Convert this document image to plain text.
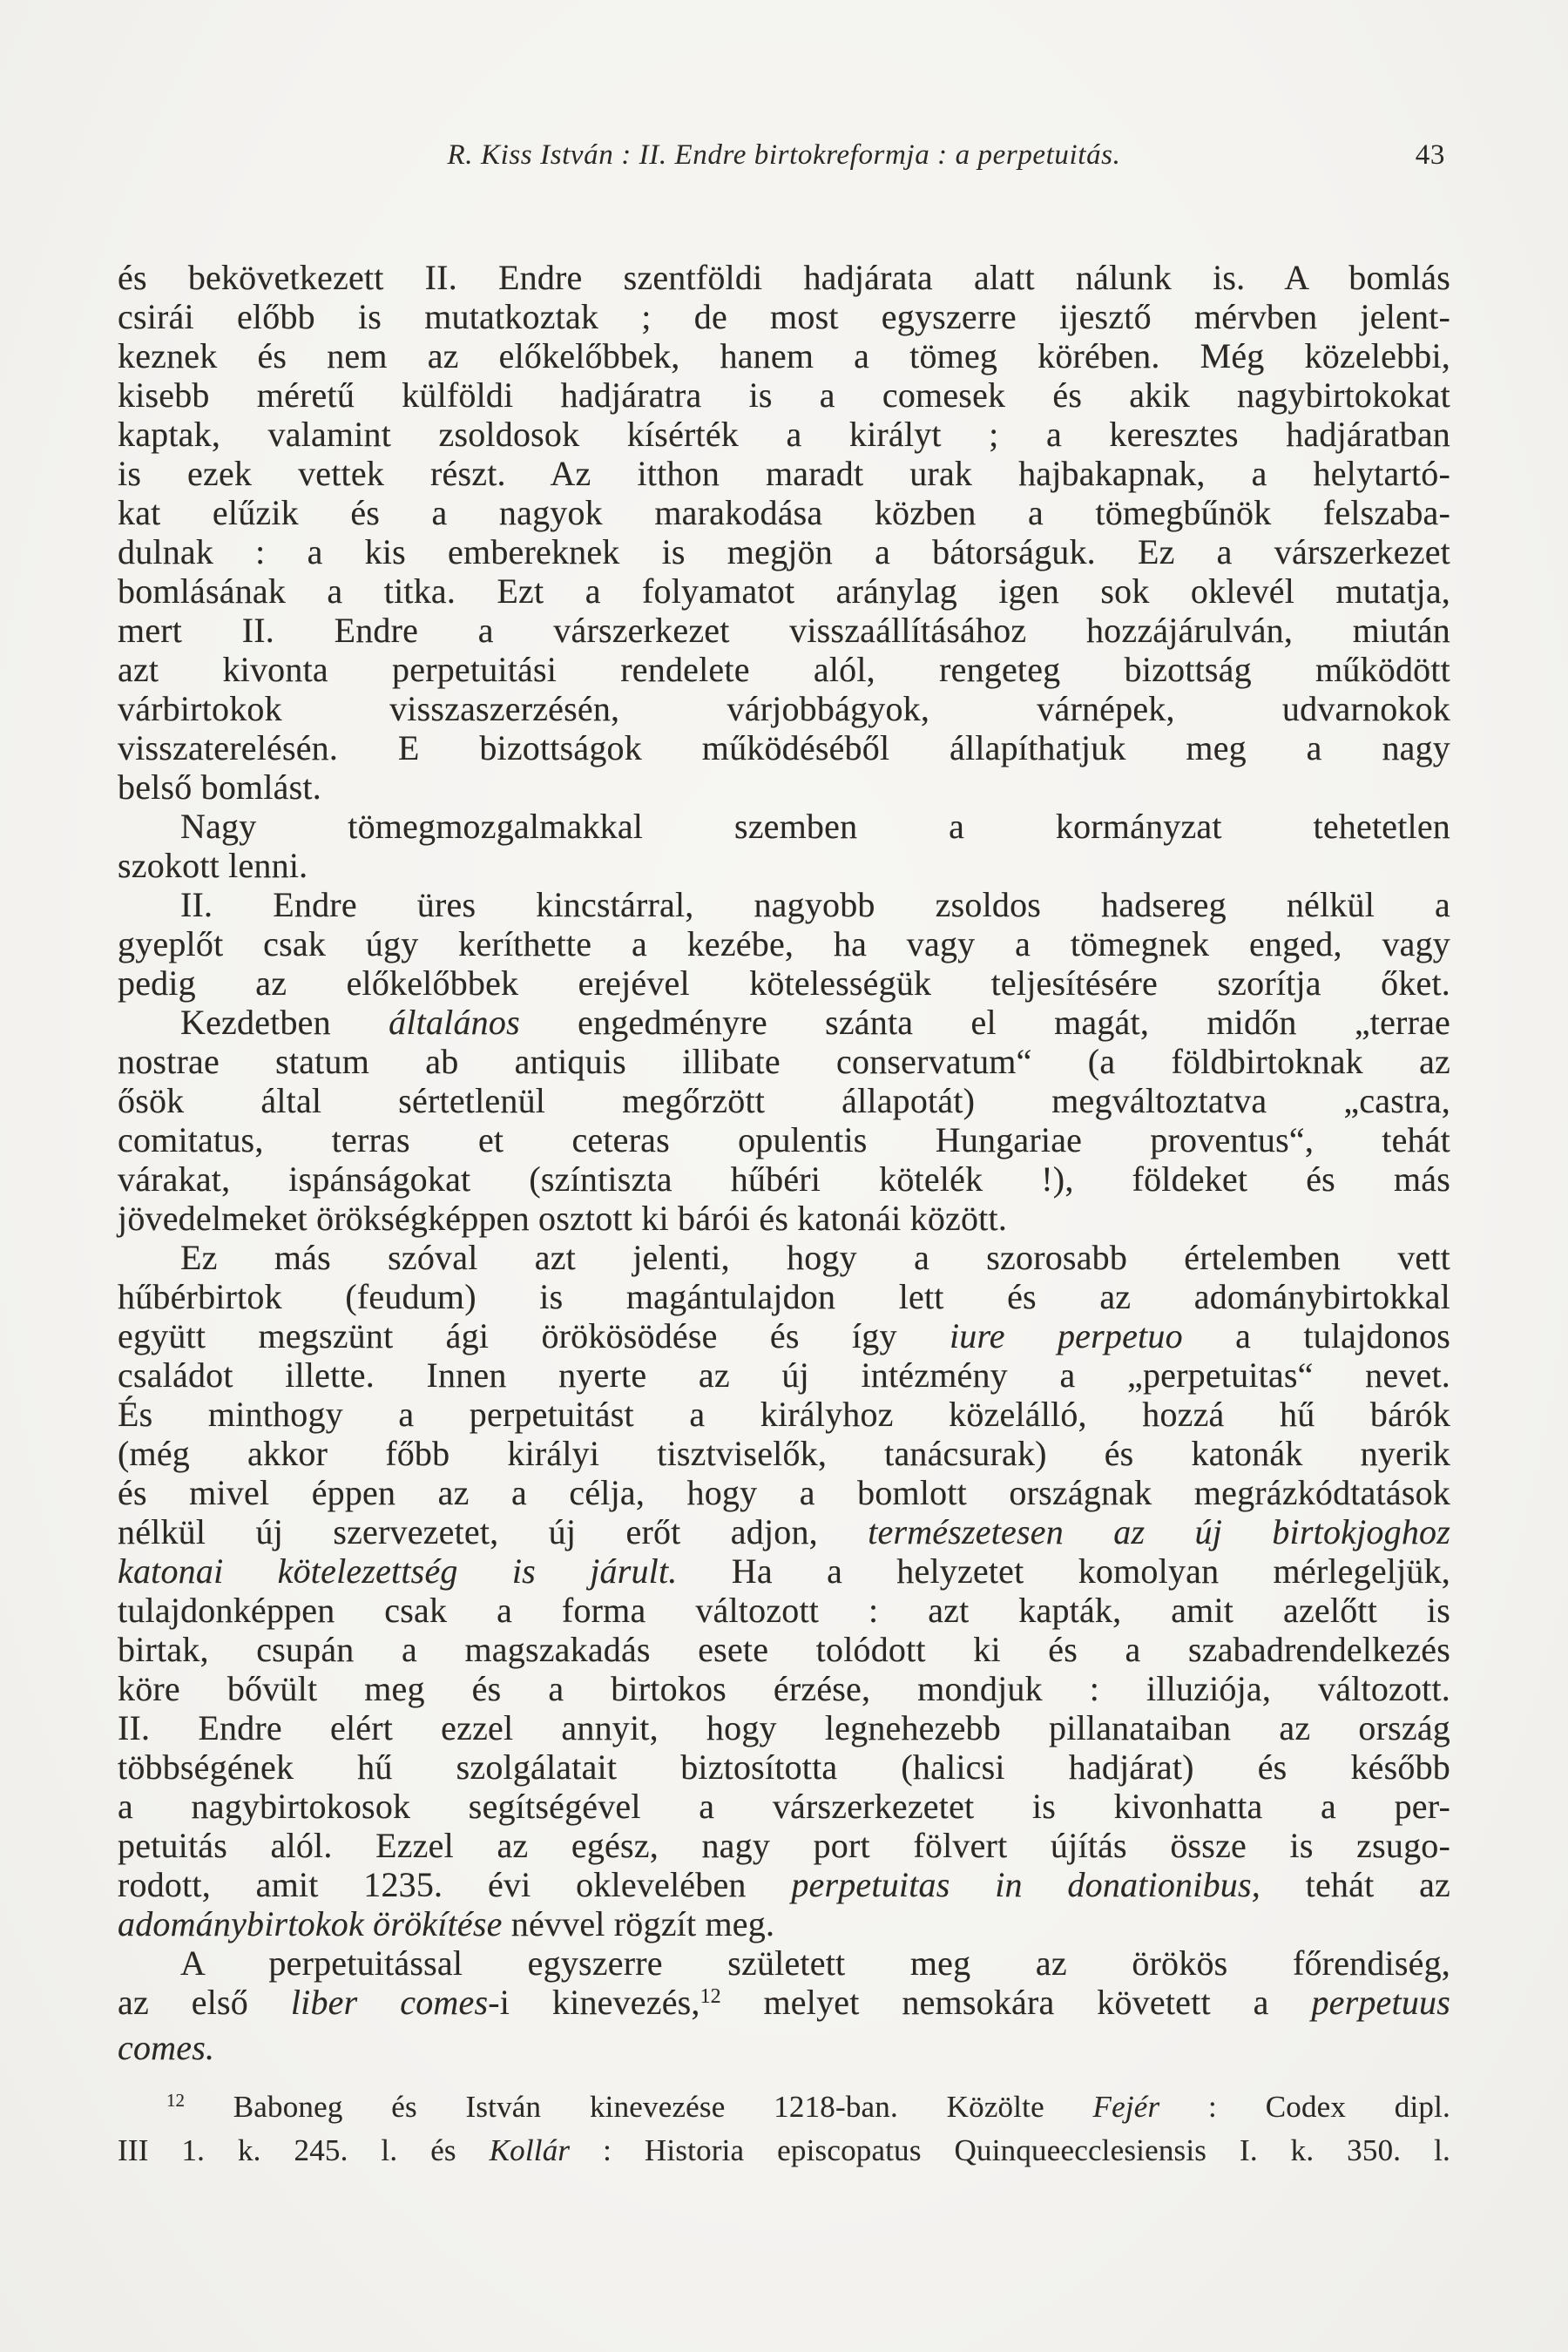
R. Kiss István : II. Endre birtokreformja : a perpetuitás.	43
és bekövetkezett II. Endre szentföldi hadjárata alatt nálunk is. A bomlás
csirái előbb is mutatkoztak ; de most egyszerre ijesztő mérvben jelent-
keznek és nem az előkelőbbek, hanem a tömeg körében. Még közelebbi,
kisebb méretű külföldi hadjáratra is a comesek és akik nagybirtokokat
kaptak, valamint zsoldosok kísérték a királyt ; a keresztes hadjáratban
is ezek vettek részt. Az itthon maradt urak hajbakapnak, a helytartó-
kat elűzik és a nagyok marakodása közben a tömegbűnök felszaba-
dulnak : a kis embereknek is megjön a bátorságuk. Ez a várszerkezet
bomlásának a titka. Ezt a folyamatot aránylag igen sok oklevél mutatja,
mert II. Endre a várszerkezet visszaállításához hozzájárulván, miután
azt kivonta perpetuitási rendelete alól, rengeteg bizottság működött
várbirtokok visszaszerzésén, várjobbágyok, várnépek, udvarnokok
visszaterelésén. E bizottságok működéséből állapíthatjuk meg a nagy
belső bomlást.
Nagy tömegmozgalmakkal szemben a kormányzat tehetetlen
szokott lenni.
II. Endre üres kincstárral, nagyobb zsoldos hadsereg nélkül a
gyeplőt csak úgy keríthette a kezébe, ha vagy a tömegnek enged, vagy
pedig az előkelőbbek erejével kötelességük teljesítésére szorítja őket.
Kezdetben általános engedményre szánta el magát, midőn „terrae
nostrae statum ab antiquis illibate conservatum“ (a földbirtoknak az
ősök által sértetlenül megőrzött állapotát) megváltoztatva „castra,
comitatus, terras et ceteras opulentis Hungariae proventus“, tehát
várakat, ispánságokat (színtiszta hűbéri kötelék !), földeket és más
jövedelmeket örökségképpen osztott ki bárói és katonái között.
Ez más szóval azt jelenti, hogy a szorosabb értelemben vett
hűbérbirtok (feudum) is magántulajdon lett és az adománybirtokkal
együtt megszünt ági örökösödése és így iure perpetuo a tulajdonos
családot illette. Innen nyerte az új intézmény a „perpetuitas“ nevet.
És minthogy a perpetuitást a királyhoz közelálló, hozzá hű bárók
(még akkor főbb királyi tisztviselők, tanácsurak) és katonák nyerik
és mivel éppen az a célja, hogy a bomlott országnak megrázkódtatások
nélkül új szervezetet, új erőt adjon, természetesen az új birtokjoghoz
katonai kötelezettség is járult. Ha a helyzetet komolyan mérlegeljük,
tulajdonképpen csak a forma változott : azt kapták, amit azelőtt is
birtak, csupán a magszakadás esete tolódott ki és a szabadrendelkezés
köre bővült meg és a birtokos érzése, mondjuk : illuziója, változott.
II. Endre elért ezzel annyit, hogy legnehezebb pillanataiban az ország
többségének hű szolgálatait biztosította (halicsi hadjárat) és később
a nagybirtokosok segítségével a várszerkezetet is kivonhatta a per-
petuitás alól. Ezzel az egész, nagy port fölvert újítás össze is zsugo-
rodott, amit 1235. évi oklevelében perpetuitas in donationibus, tehát az
adománybirtokok örökítése névvel rögzít meg.
A perpetuitással egyszerre született meg az örökös főrendiség,
az első liber comes-i kinevezés,$^{12}$ melyet nemsokára követett a perpetuus
comes.
$^{12}$ Baboneg és István kinevezése 1218-ban. Közölte Fejér : Codex dipl.
III 1. k. 245. l. és Kollár : Historia episcopatus Quinqueecclesiensis I. k. 350. l.
